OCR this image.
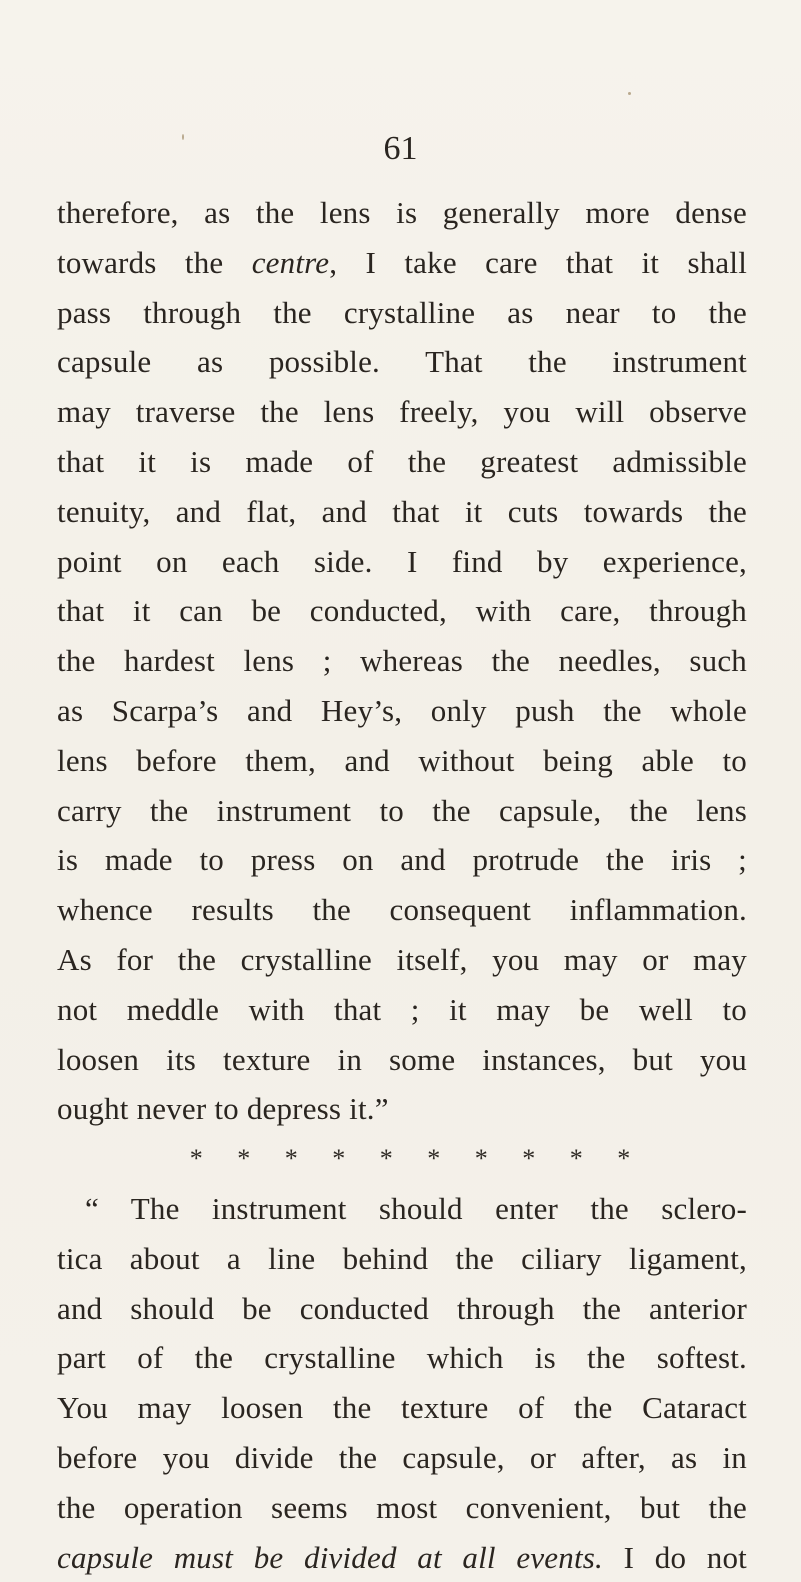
61
therefore, as the lens is generally more dense
towards the centre, I take care that it shall
pass through the crystalline as near to the
capsule as possible. That the instrument
may traverse the lens freely, you will observe
that it is made of the greatest admissible
tenuity, and flat, and that it cuts towards the
point on each side. I find by experience,
that it can be conducted, with care, through
the hardest lens ; whereas the needles, such
as Scarpa’s and Hey’s, only push the whole
lens before them, and without being able to
carry the instrument to the capsule, the lens
is made to press on and protrude the iris ;
whence results the consequent inflammation.
As for the crystalline itself, you may or may
not meddle with that ; it may be well to
loosen its texture in some instances, but you
ought never to depress it.”
* * * * * * * * * *
“ The instrument should enter the sclero-
tica about a line behind the ciliary ligament,
and should be conducted through the anterior
part of the crystalline which is the softest.
You may loosen the texture of the Cataract
before you divide the capsule, or after, as in
the operation seems most convenient, but the
capsule must be divided at all events. I do not
